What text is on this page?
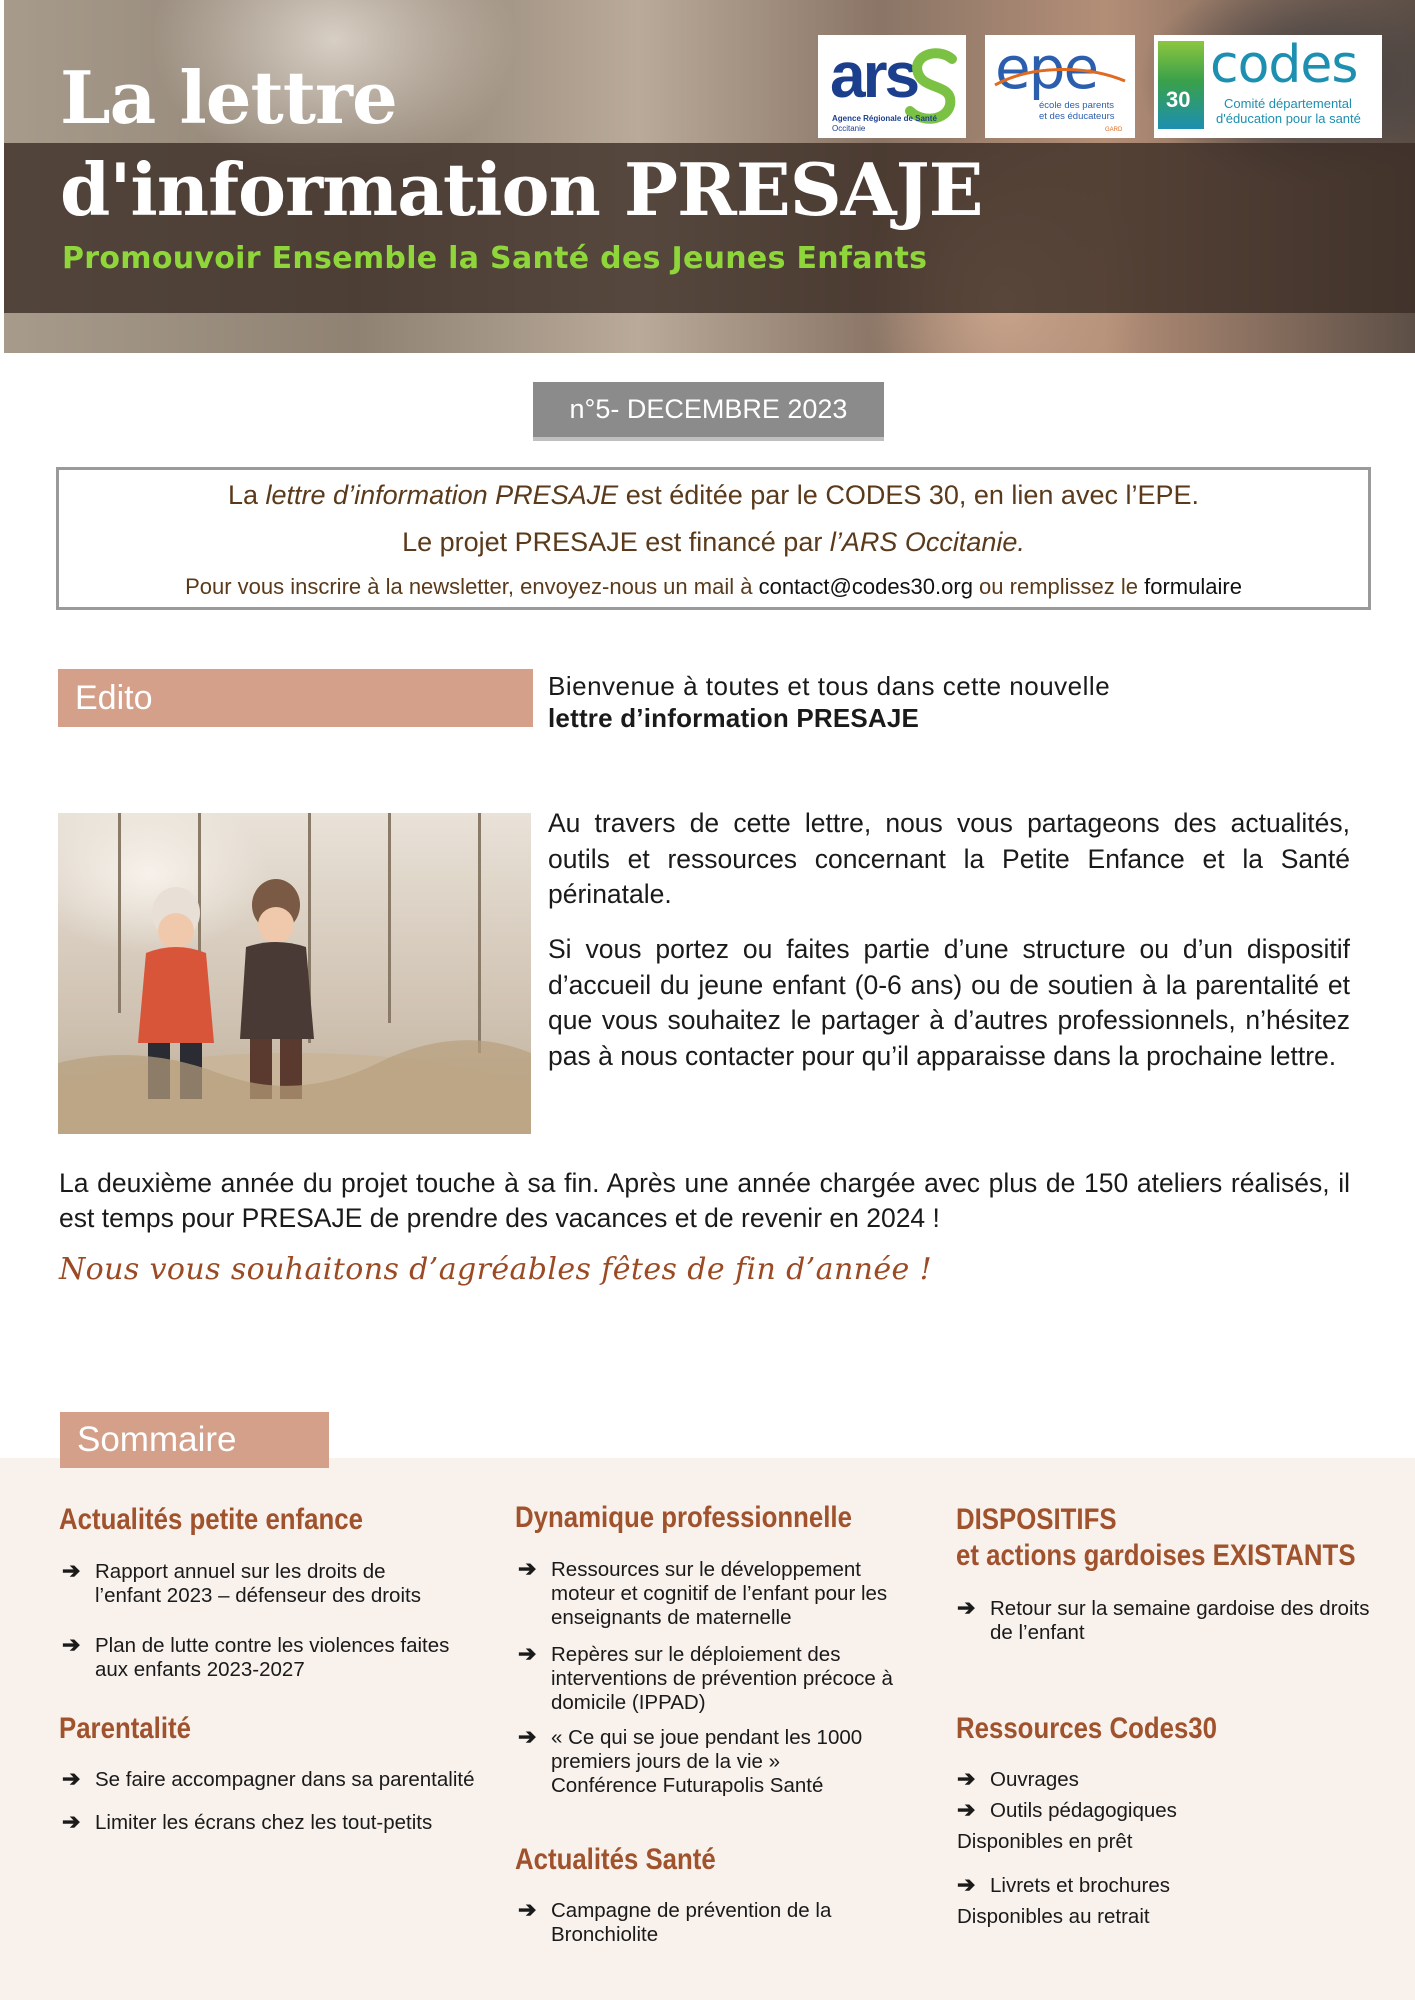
La lettre
d'information PRESAJE
Promouvoir Ensemble la Santé des Jeunes Enfants
ars
Agence Régionale de Santé
Occitanie
epe
école des parents
et des éducateurs
GARD
30
codes
Comité départemental
d'éducation pour la santé
n°5- DECEMBRE 2023
La lettre d’information PRESAJE est éditée par le CODES 30, en lien avec l’EPE.
Le projet PRESAJE est financé par l’ARS Occitanie.
Pour vous inscrire à la newsletter, envoyez-nous un mail à contact@codes30.org ou remplissez le formulaire
Edito	Bienvenue à toutes et tous dans cette nouvelle
lettre d’information PRESAJE
Au travers de cette lettre, nous vous partageons des actualités, outils et ressources concernant la Petite Enfance et la Santé périnatale.
Si vous portez ou faites partie d’une structure ou d’un dispositif d’accueil du jeune enfant (0-6 ans) ou de soutien à la parentalité et que vous souhaitez le partager à d’autres professionnels, n’hésitez pas à nous contacter pour qu’il apparaisse dans la prochaine lettre.
La deuxième année du projet touche à sa fin. Après une année chargée avec plus de 150 ateliers réalisés, il est temps pour PRESAJE de prendre des vacances et de revenir en 2024 !
Nous vous souhaitons d’agréables fêtes de fin d’année !
Sommaire
Actualités petite enfance
➔ Rapport annuel sur les droits de l’enfant 2023 – défenseur des droits
➔ Plan de lutte contre les violences faites aux enfants 2023-2027
Parentalité
➔ Se faire accompagner dans sa parentalité
➔ Limiter les écrans chez les tout-petits
Dynamique professionnelle
➔ Ressources sur le développement moteur et cognitif de l’enfant pour les enseignants de maternelle
➔ Repères sur le déploiement des interventions de prévention précoce à domicile (IPPAD)
➔ « Ce qui se joue pendant les 1000 premiers jours de la vie » Conférence Futurapolis Santé
Actualités Santé
➔ Campagne de prévention de la Bronchiolite
DISPOSITIFS
et actions gardoises EXISTANTS
➔ Retour sur la semaine gardoise des droits de l’enfant
Ressources Codes30
➔ Ouvrages
➔ Outils pédagogiques
Disponibles en prêt
➔ Livrets et brochures
Disponibles au retrait
